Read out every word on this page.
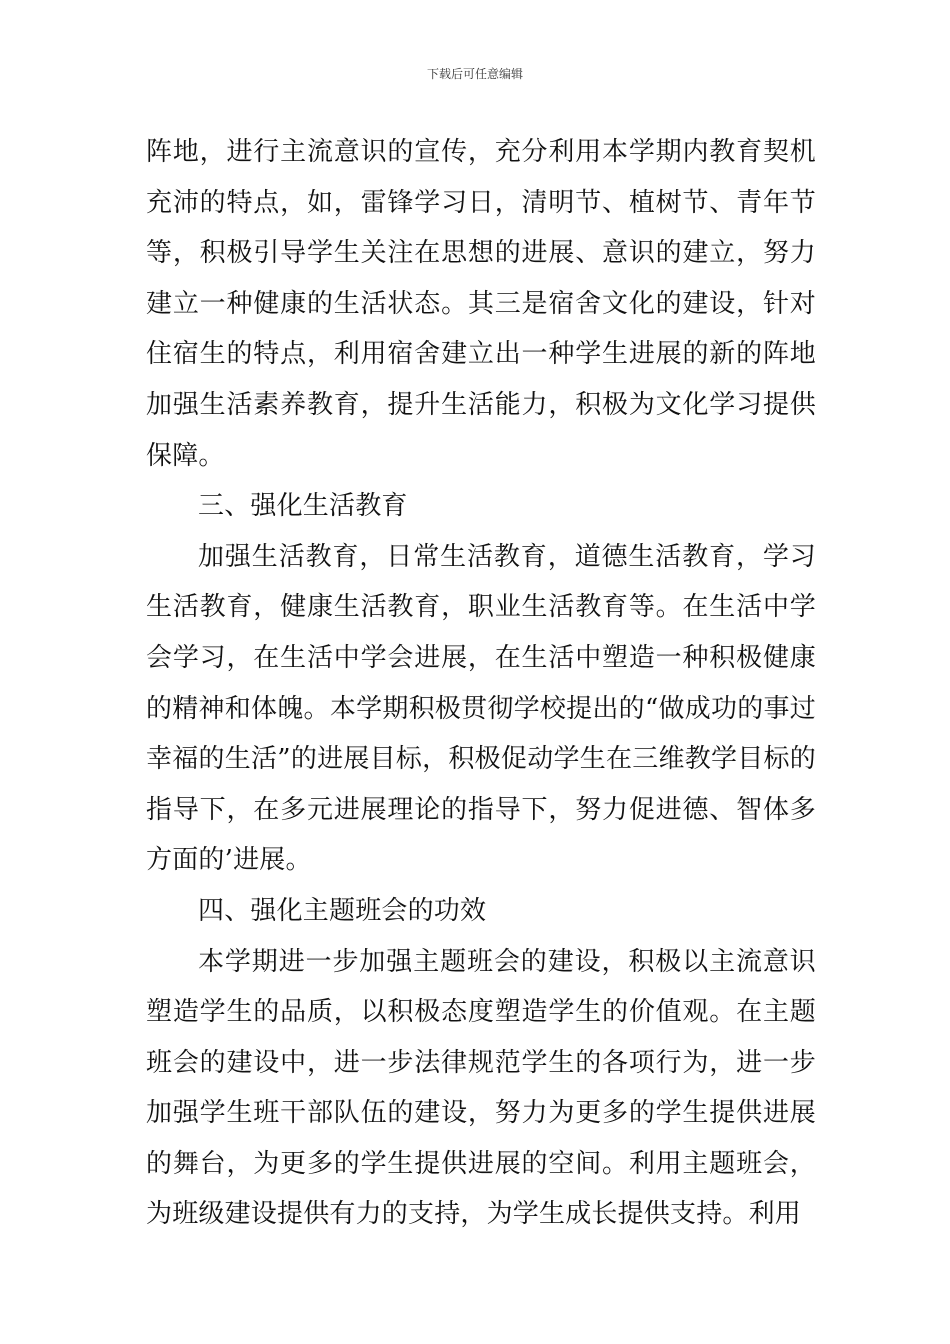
下载后可任意编辑

阵地，进行主流意识的宣传，充分利用本学期内教育契机充沛的特点，如，雷锋学习日，清明节、植树节、青年节等，积极引导学生关注在思想的进展、意识的建立，努力建立一种健康的生活状态。其三是宿舍文化的建设，针对住宿生的特点，利用宿舍建立出一种学生进展的新的阵地加强生活素养教育，提升生活能力，积极为文化学习提供保障。

三、强化生活教育

加强生活教育，日常生活教育，道德生活教育，学习生活教育，健康生活教育，职业生活教育等。在生活中学会学习，在生活中学会进展，在生活中塑造一种积极健康的精神和体魄。本学期积极贯彻学校提出的“做成功的事过幸福的生活”的进展目标，积极促动学生在三维教学目标的指导下，在多元进展理论的指导下，努力促进德、智体多方面的’进展。

四、强化主题班会的功效

本学期进一步加强主题班会的建设，积极以主流意识塑造学生的品质，以积极态度塑造学生的价值观。在主题班会的建设中，进一步法律规范学生的各项行为，进一步加强学生班干部队伍的建设，努力为更多的学生提供进展的舞台，为更多的学生提供进展的空间。利用主题班会，为班级建设提供有力的支持，为学生成长提供支持。利用
